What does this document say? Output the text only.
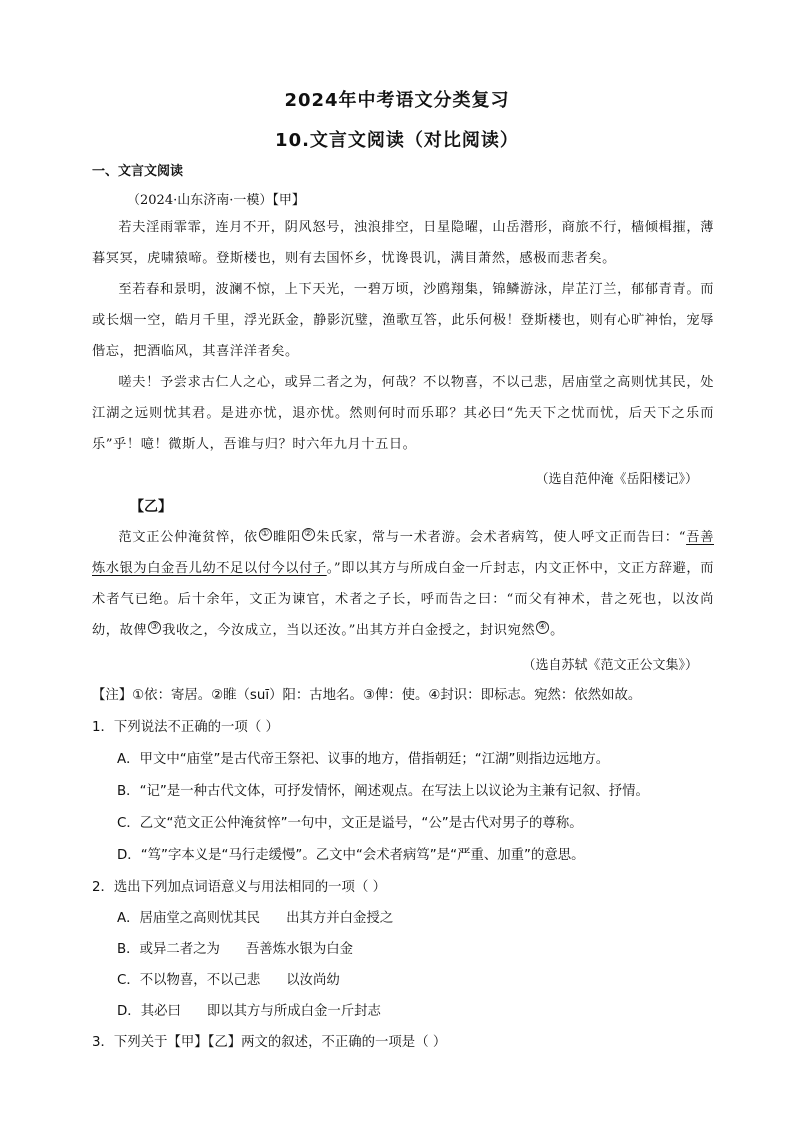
2024年中考语文分类复习
10.文言文阅读（对比阅读）
一、文言文阅读
（2024·山东济南·一模）【甲】
若夫淫雨霏霏，连月不开，阴风怒号，浊浪排空，日星隐曜，山岳潜形，商旅不行，樯倾楫摧，薄暮冥冥，虎啸猿啼。登斯楼也，则有去国怀乡，忧谗畏讥，满目萧然，感极而悲者矣。
至若春和景明，波澜不惊，上下天光，一碧万顷，沙鸥翔集，锦鳞游泳，岸芷汀兰，郁郁青青。而或长烟一空，皓月千里，浮光跃金，静影沉璧，渔歌互答，此乐何极！登斯楼也，则有心旷神怡，宠辱偕忘，把酒临风，其喜洋洋者矣。
嗟夫！予尝求古仁人之心，或异二者之为，何哉？不以物喜，不以己悲，居庙堂之高则忧其民，处江湖之远则忧其君。是进亦忧，退亦忧。然则何时而乐耶？其必曰“先天下之忧而忧，后天下之乐而乐”乎！噫！微斯人，吾谁与归？时六年九月十五日。
（选自范仲淹《岳阳楼记》）
【乙】
范文正公仲淹贫悴，依 ① 睢阳 ② 朱氏家，常与一术者游。会术者病笃，使人呼文正而告曰：“吾善炼水银为白金吾儿幼不足以付今以付子。”即以其方与所成白金一斤封志，内文正怀中，文正方辞避，而术者气已绝。后十余年，文正为谏官，术者之子长，呼而告之曰：“而父有神术，昔之死也，以汝尚幼，故俾 ③ 我收之，今汝成立，当以还汝。”出其方并白金授之，封识宛然 ④ 。
（选自苏轼《范文正公文集》）
【注】①依：寄居。②睢（suī）阳：古地名。③俾：使。④封识：即标志。宛然：依然如故。
1．下列说法不正确的一项（ ）
A．甲文中“庙堂”是古代帝王祭祀、议事的地方，借指朝廷；“江湖”则指边远地方。
B．“记”是一种古代文体，可抒发情怀，阐述观点。在写法上以议论为主兼有记叙、抒情。
C．乙文“范文正公仲淹贫悴”一句中，文正是谥号，“公”是古代对男子的尊称。
D．“笃”字本义是“马行走缓慢”。乙文中“会术者病笃”是“严重、加重”的意思。
2．选出下列加点词语意义与用法相同的一项（ ）
A．居庙堂之高则忧其民 出其方并白金授之
B．或异二者之为 吾善炼水银为白金
C．不以物喜，不以己悲 以汝尚幼
D．其必曰 即以其方与所成白金一斤封志
3．下列关于【甲】【乙】两文的叙述，不正确的一项是（ ）
